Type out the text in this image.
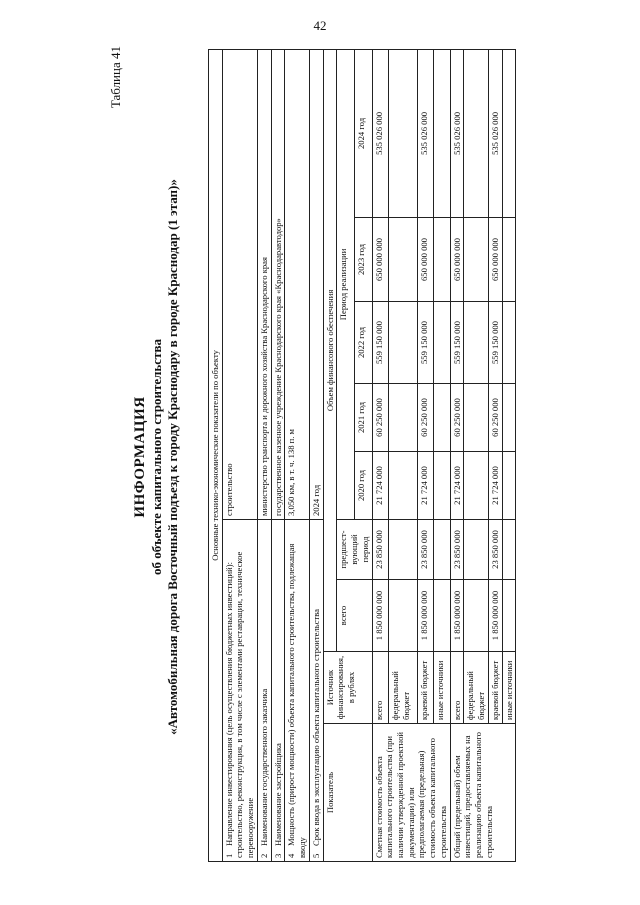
42
Таблица 41
ИНФОРМАЦИЯ об объекте капитального строительства «Автомобильная дорога Восточный подъезд к городу Краснодару в городе Краснодар (1 этап)»	Основные технико-экономические показатели по объекту								
1Направление инвестирования (цель осуществления бюджетных инвестиций): строительство, реконструкция, в том числе с элементами реставрации, техническое перевооружение				строительство				
2Наименование государственного заказчика				министерство транспорта и дорожного хозяйства Краснодарского края				
3Наименование застройщика				государственное казенное учреждение Краснодарского края «Краснодаравтодор»				
4Мощность (прирост мощности) объекта капитального строительства, подлежащая вводу				3,050 км, в т. ч. 138 п. м				
5Срок ввода в эксплуатацию объекта капитального строительства				2024 год				
Показатель	Источник финансирования, в рублях	Объем финансового обеспечения						
		всего	предшест-вующий период	Период реализации				
				2020 год	2021 год	2022 год	2023 год	2024 год
Сметная стоимость объекта капитального строительства (при наличии утвержденной проектной документации) или предполагаемая (предельная) стоимость объекта капитального строительства	всего	1 850 000 000	23 850 000	21 724 000	60 250 000	559 150 000	650 000 000	535 026 000
	федеральный бюджет							
	краевой бюджет	1 850 000 000	23 850 000	21 724 000	60 250 000	559 150 000	650 000 000	535 026 000
	иные источники							
Общий (предельный) объем инвестиций, предоставляемых на реализацию объекта капитального строительства	всего	1 850 000 000	23 850 000	21 724 000	60 250 000	559 150 000	650 000 000	535 026 000
	федеральный бюджет							
	краевой бюджет	1 850 000 000	23 850 000	21 724 000	60 250 000	559 150 000	650 000 000	535 026 000
	иные источники							
